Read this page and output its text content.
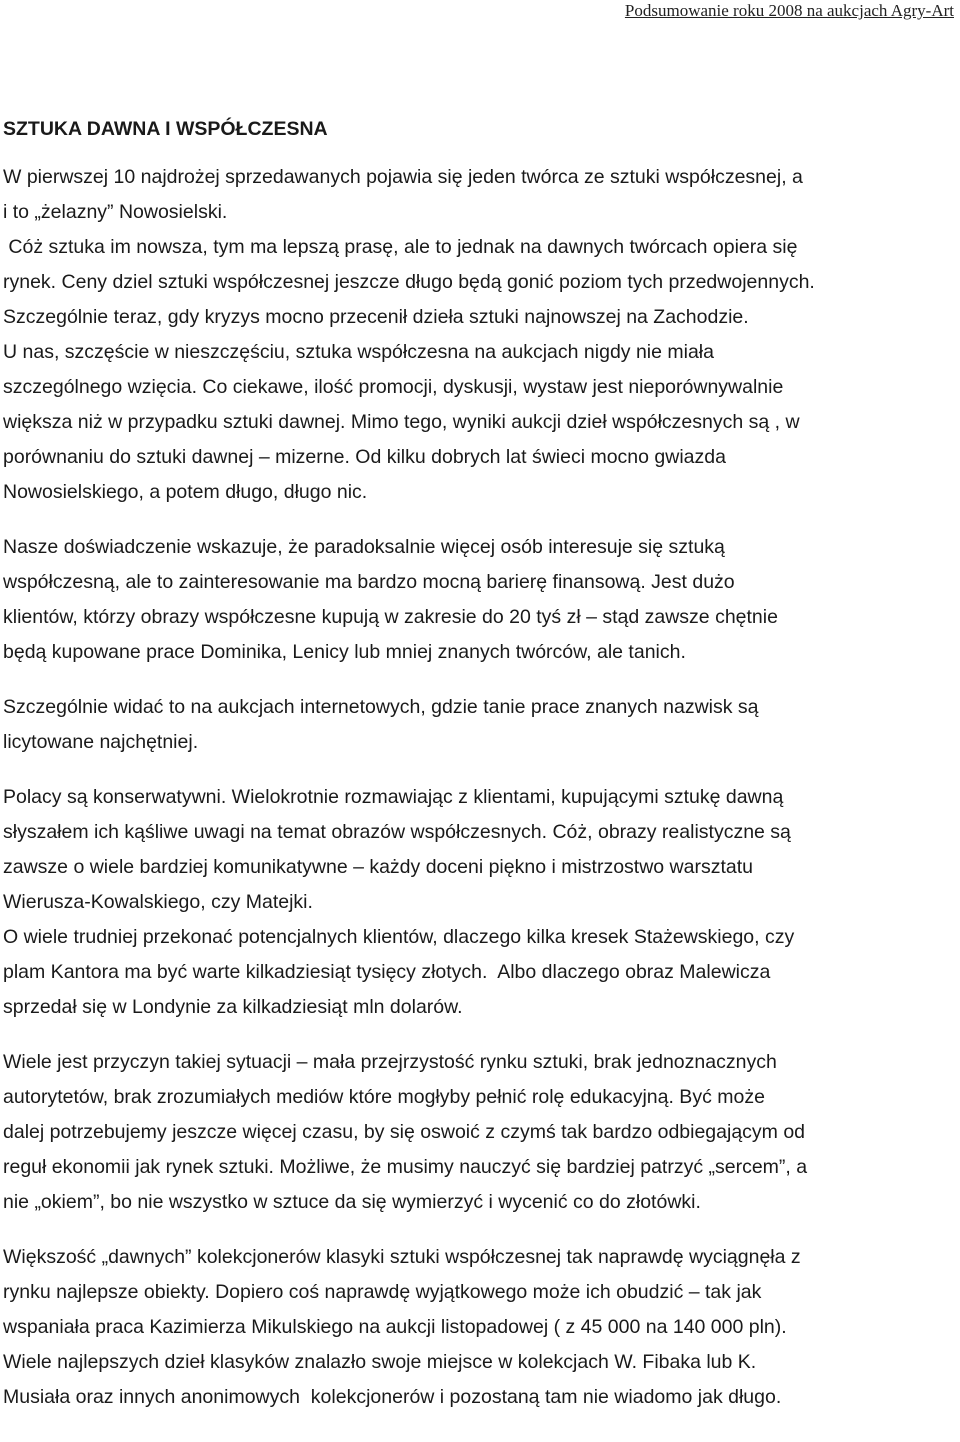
Podsumowanie roku 2008 na aukcjach Agry-Art
SZTUKA DAWNA I WSPÓŁCZESNA

W pierwszej 10 najdrożej sprzedawanych pojawia się jeden twórca ze sztuki współczesnej, a
i to „żelazny” Nowosielski.

Cóż sztuka im nowsza, tym ma lepszą prasę, ale to jednak na dawnych twórcach opiera się
rynek. Ceny dziel sztuki współczesnej jeszcze długo będą gonić poziom tych przedwojennych.
Szczególnie teraz, gdy kryzys mocno przecenił dzieła sztuki najnowszej na Zachodzie.
U nas, szczęście w nieszczęściu, sztuka współczesna na aukcjach nigdy nie miała
szczególnego wzięcia. Co ciekawe, ilość promocji, dyskusji, wystaw jest nieporównywalnie
większa niż w przypadku sztuki dawnej. Mimo tego, wyniki aukcji dzieł współczesnych są , w
porównaniu do sztuki dawnej – mizerne. Od kilku dobrych lat świeci mocno gwiazda
Nowosielskiego, a potem długo, długo nic.

Nasze doświadczenie wskazuje, że paradoksalnie więcej osób interesuje się sztuką
współczesną, ale to zainteresowanie ma bardzo mocną barierę finansową. Jest dużo
klientów, którzy obrazy współczesne kupują w zakresie do 20 tyś zł – stąd zawsze chętnie
będą kupowane prace Dominika, Lenicy lub mniej znanych twórców, ale tanich.

Szczególnie widać to na aukcjach internetowych, gdzie tanie prace znanych nazwisk są
licytowane najchętniej.

Polacy są konserwatywni. Wielokrotnie rozmawiając z klientami, kupującymi sztukę dawną
słyszałem ich kąśliwe uwagi na temat obrazów współczesnych. Cóż, obrazy realistyczne są
zawsze o wiele bardziej komunikatywne – każdy doceni piękno i mistrzostwo warsztatu
Wierusza-Kowalskiego, czy Matejki.

O wiele trudniej przekonać potencjalnych klientów, dlaczego kilka kresek Stażewskiego, czy
plam Kantora ma być warte kilkadziesiąt tysięcy złotych.  Albo dlaczego obraz Malewicza
sprzedał się w Londynie za kilkadziesiąt mln dolarów.

Wiele jest przyczyn takiej sytuacji – mała przejrzystość rynku sztuki, brak jednoznacznych
autorytetów, brak zrozumiałych mediów które mogłyby pełnić rolę edukacyjną. Być może
dalej potrzebujemy jeszcze więcej czasu, by się oswoić z czymś tak bardzo odbiegającym od
reguł ekonomii jak rynek sztuki. Możliwe, że musimy nauczyć się bardziej patrzyć „sercem”, a
nie „okiem”, bo nie wszystko w sztuce da się wymierzyć i wycenić co do złotówki.

Większość „dawnych” kolekcjonerów klasyki sztuki współczesnej tak naprawdę wyciągnęła z
rynku najlepsze obiekty. Dopiero coś naprawdę wyjątkowego może ich obudzić – tak jak
wspaniała praca Kazimierza Mikulskiego na aukcji listopadowej ( z 45 000 na 140 000 pln).
Wiele najlepszych dzieł klasyków znalazło swoje miejsce w kolekcjach W. Fibaka lub K.
Musiała oraz innych anonimowych  kolekcjonerów i pozostaną tam nie wiadomo jak długo.
